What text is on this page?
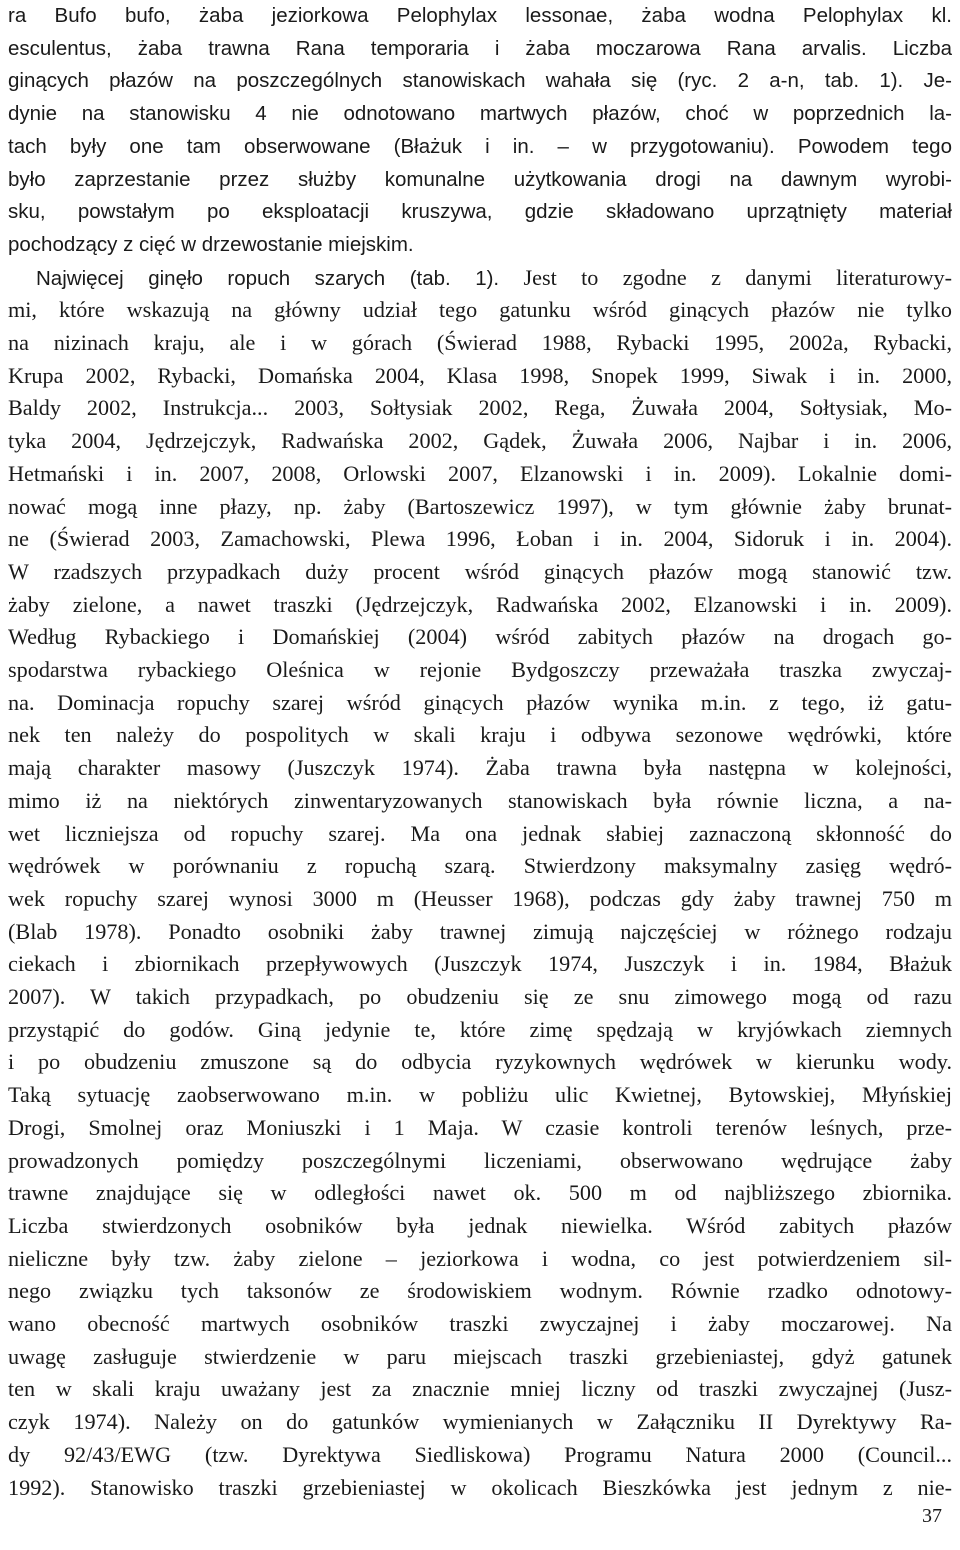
ra Bufo bufo, żaba jeziorkowa Pelophylax lessonae, żaba wodna Pelophylax kl.
esculentus, żaba trawna Rana temporaria i żaba moczarowa Rana arvalis. Liczba
ginących płazów na poszczególnych stanowiskach wahała się (ryc. 2 a-n, tab. 1). Je-
dynie na stanowisku 4 nie odnotowano martwych płazów, choć w poprzednich la-
tach były one tam obserwowane (Błażuk i in. – w przygotowaniu). Powodem tego
było zaprzestanie przez służby komunalne użytkowania drogi na dawnym wyrobi-
sku, powstałym po eksploatacji kruszywa, gdzie składowano uprzątnięty materiał
pochodzący z cięć w drzewostanie miejskim.
Najwięcej ginęło ropuch szarych (tab. 1). Jest to zgodne z danymi literaturowy-
mi, które wskazują na główny udział tego gatunku wśród ginących płazów nie tylko
na nizinach kraju, ale i w górach (Świerad 1988, Rybacki 1995, 2002a, Rybacki,
Krupa 2002, Rybacki, Domańska 2004, Klasa 1998, Snopek 1999, Siwak i in. 2000,
Baldy 2002, Instrukcja... 2003, Sołtysiak 2002, Rega, Żuwała 2004, Sołtysiak, Mo-
tyka 2004, Jędrzejczyk, Radwańska 2002, Gądek, Żuwała 2006, Najbar i in. 2006,
Hetmański i in. 2007, 2008, Orlowski 2007, Elzanowski i in. 2009). Lokalnie domi-
nować mogą inne płazy, np. żaby (Bartoszewicz 1997), w tym głównie żaby brunat-
ne (Świerad 2003, Zamachowski, Plewa 1996, Łoban i in. 2004, Sidoruk i in. 2004).
W rzadszych przypadkach duży procent wśród ginących płazów mogą stanowić tzw.
żaby zielone, a nawet traszki (Jędrzejczyk, Radwańska 2002, Elzanowski i in. 2009).
Według Rybackiego i Domańskiej (2004) wśród zabitych płazów na drogach go-
spodarstwa rybackiego Oleśnica w rejonie Bydgoszczy przeważała traszka zwyczaj-
na. Dominacja ropuchy szarej wśród ginących płazów wynika m.in. z tego, iż gatu-
nek ten należy do pospolitych w skali kraju i odbywa sezonowe wędrówki, które
mają charakter masowy (Juszczyk 1974). Żaba trawna była następna w kolejności,
mimo iż na niektórych zinwentaryzowanych stanowiskach była równie liczna, a na-
wet liczniejsza od ropuchy szarej. Ma ona jednak słabiej zaznaczoną skłonność do
wędrówek w porównaniu z ropuchą szarą. Stwierdzony maksymalny zasięg wędró-
wek ropuchy szarej wynosi 3000 m (Heusser 1968), podczas gdy żaby trawnej 750 m
(Blab 1978). Ponadto osobniki żaby trawnej zimują najczęściej w różnego rodzaju
ciekach i zbiornikach przepływowych (Juszczyk 1974, Juszczyk i in. 1984, Błażuk
2007). W takich przypadkach, po obudzeniu się ze snu zimowego mogą od razu
przystąpić do godów. Giną jedynie te, które zimę spędzają w kryjówkach ziemnych
i po obudzeniu zmuszone są do odbycia ryzykownych wędrówek w kierunku wody.
Taką sytuację zaobserwowano m.in. w pobliżu ulic Kwietnej, Bytowskiej, Młyńskiej
Drogi, Smolnej oraz Moniuszki i 1 Maja. W czasie kontroli terenów leśnych, prze-
prowadzonych pomiędzy poszczególnymi liczeniami, obserwowano wędrujące żaby
trawne znajdujące się w odległości nawet ok. 500 m od najbliższego zbiornika.
Liczba stwierdzonych osobników była jednak niewielka. Wśród zabitych płazów
nieliczne były tzw. żaby zielone – jeziorkowa i wodna, co jest potwierdzeniem sil-
nego związku tych taksonów ze środowiskiem wodnym. Równie rzadko odnotowy-
wano obecność martwych osobników traszki zwyczajnej i żaby moczarowej. Na
uwagę zasługuje stwierdzenie w paru miejscach traszki grzebieniastej, gdyż gatunek
ten w skali kraju uważany jest za znacznie mniej liczny od traszki zwyczajnej (Jusz-
czyk 1974). Należy on do gatunków wymienianych w Załączniku II Dyrektywy Ra-
dy 92/43/EWG (tzw. Dyrektywa Siedliskowa) Programu Natura 2000 (Council...
1992). Stanowisko traszki grzebieniastej w okolicach Bieszkówka jest jednym z nie-
37
